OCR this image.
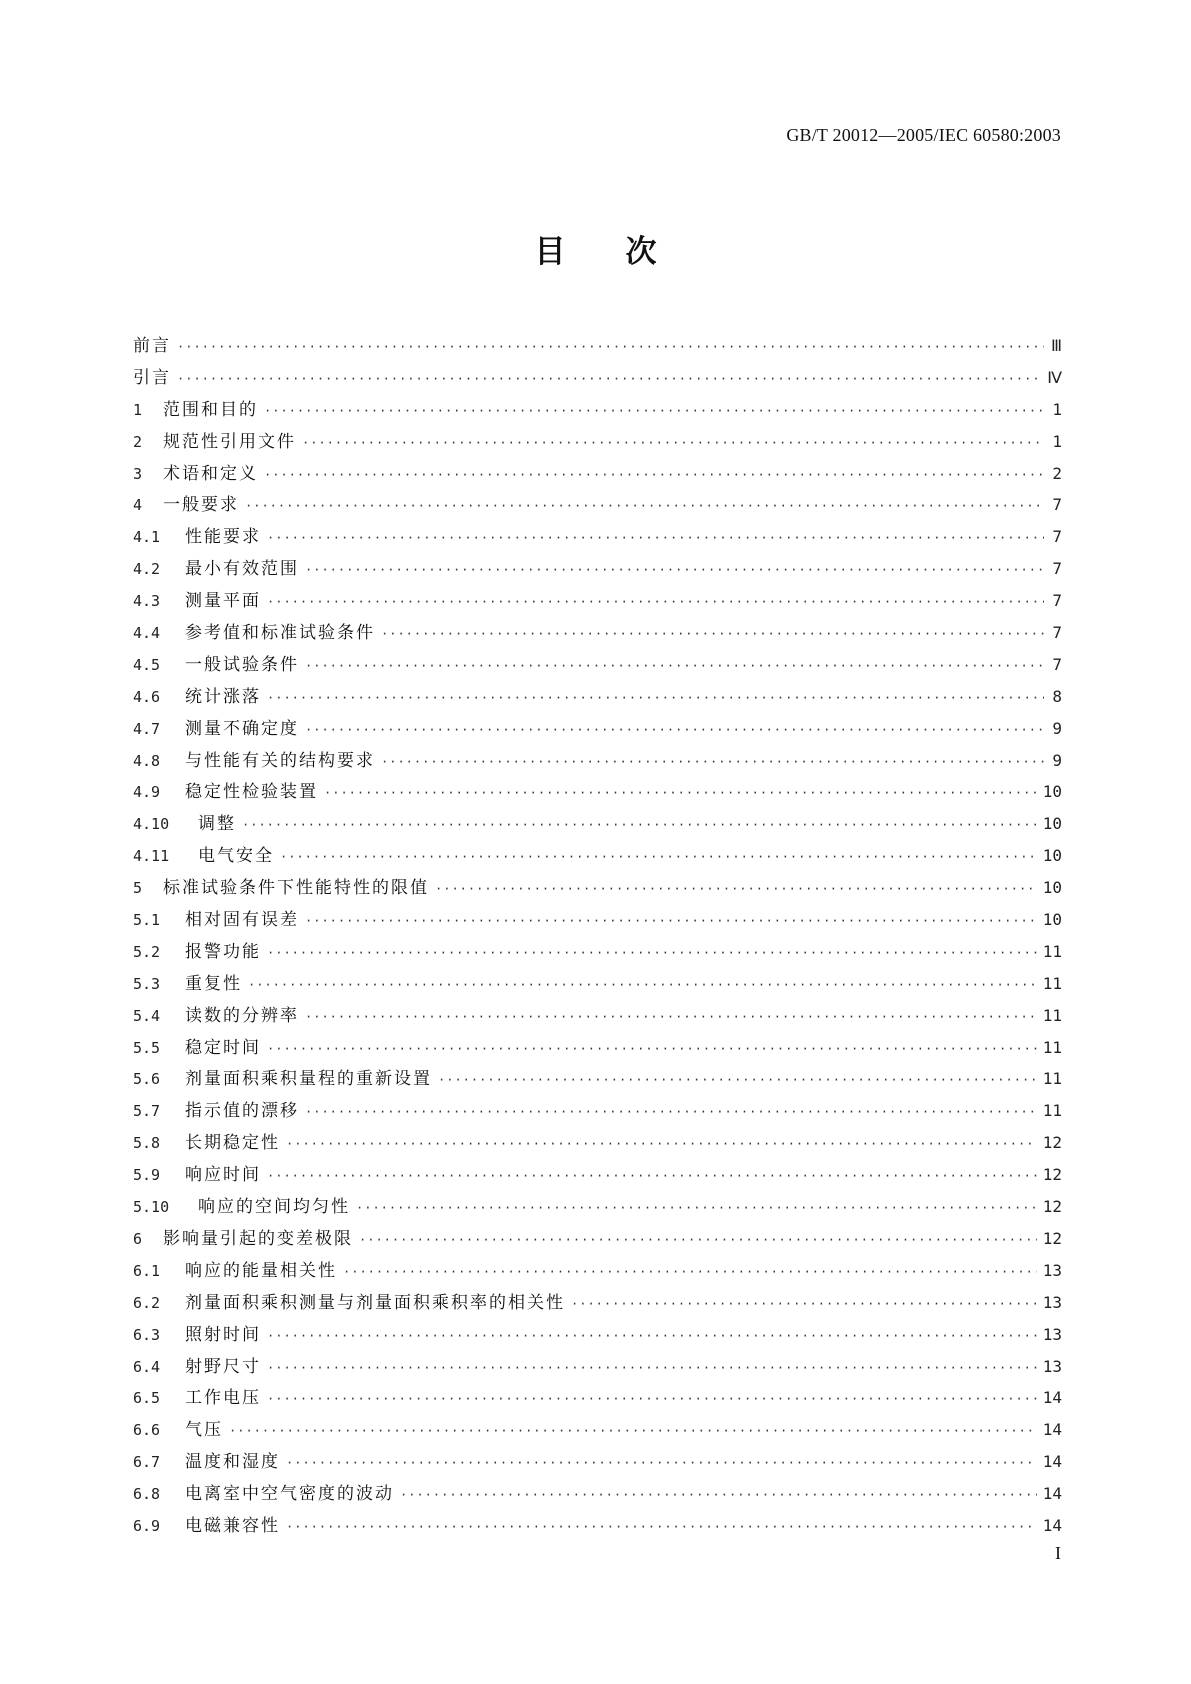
GB/T 20012—2005/IEC 60580:2003
目次
前言 ·····	Ⅲ
引言 ·····	Ⅳ
1	范围和目的 ·····	1
2	规范性引用文件 ·····	1
3	术语和定义 ·····	2
4	一般要求 ·····	7
4.1	性能要求 ·····	7
4.2	最小有效范围 ·····	7
4.3	测量平面 ·····	7
4.4	参考值和标准试验条件 ·····	7
4.5	一般试验条件 ·····	7
4.6	统计涨落 ·····	8
4.7	测量不确定度 ·····	9
4.8	与性能有关的结构要求 ·····	9
4.9	稳定性检验装置 ·····	10
4.10	调整 ·····	10
4.11	电气安全 ·····	10
5	标准试验条件下性能特性的限值 ·····	10
5.1	相对固有误差 ·····	10
5.2	报警功能 ·····	11
5.3	重复性 ·····	11
5.4	读数的分辨率 ·····	11
5.5	稳定时间 ·····	11
5.6	剂量面积乘积量程的重新设置 ·····	11
5.7	指示值的漂移 ·····	11
5.8	长期稳定性 ·····	12
5.9	响应时间 ·····	12
5.10	响应的空间均匀性 ·····	12
6	影响量引起的变差极限 ·····	12
6.1	响应的能量相关性 ·····	13
6.2	剂量面积乘积测量与剂量面积乘积率的相关性 ·····	13
6.3	照射时间 ·····	13
6.4	射野尺寸 ·····	13
6.5	工作电压 ·····	14
6.6	气压 ·····	14
6.7	温度和湿度 ·····	14
6.8	电离室中空气密度的波动 ·····	14
6.9	电磁兼容性 ·····	14
I
